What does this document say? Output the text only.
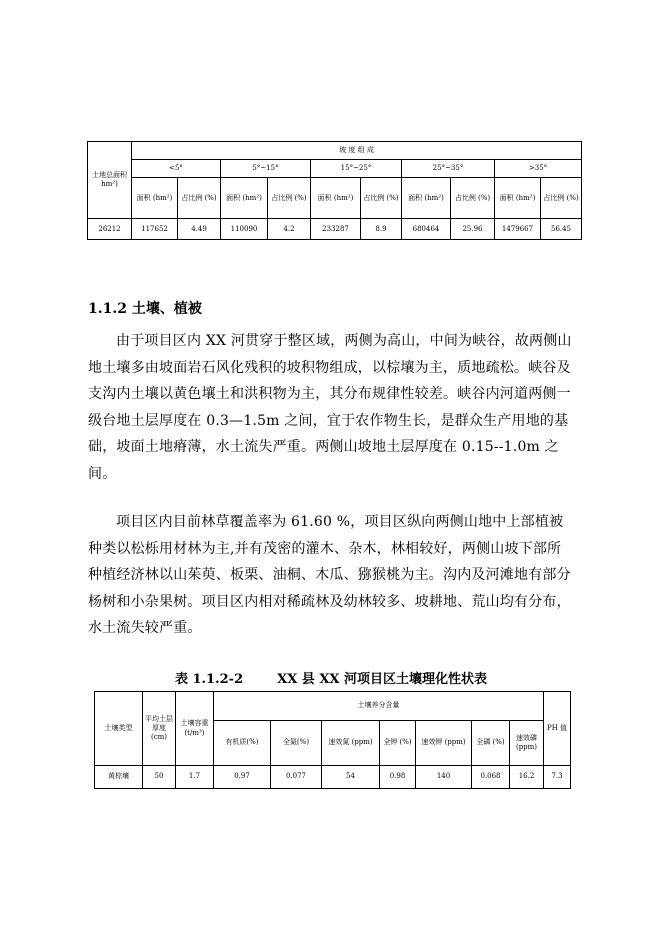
土地总面积 hm²)	坡 度 组 成									
	<5°		5°~15°		15°~25°		25°~35°		>35°	
	面积 (hm²)	占比例 (%)	面积 (hm²)	占比例 (%)	面积 (hm²)	占比例 (%)	面积 (hm²)	占比例 (%)	面积 (hm²)	占比例 (%)
26212	117652	4.49	110090	4.2	233287	8.9	680464	25.96	1479667	56.45
1.1.2 土壤、植被

由于项目区内 XX 河贯穿于整区域，两侧为高山，中间为峡谷，故两侧山地土壤多由坡面岩石风化残积的坡积物组成，以棕壤为主，质地疏松。峡谷及支沟内土壤以黄色壤土和洪积物为主，其分布规律性较差。峡谷内河道两侧一级台地土层厚度在 0.3—1.5m 之间，宜于农作物生长，是群众生产用地的基础，坡面土地瘠薄，水土流失严重。两侧山坡地土层厚度在 0.15--1.0m 之间。

项目区内目前林草覆盖率为 61.60 %，项目区纵向两侧山地中上部植被种类以松栎用材林为主,并有茂密的灌木、杂木，林相较好，两侧山坡下部所种植经济林以山茱萸、板栗、油桐、木瓜、猕猴桃为主。沟内及河滩地有部分杨树和小杂果树。项目区内相对稀疏林及幼林较多、坡耕地、荒山均有分布，水土流失较严重。

表 1.1.2-2	XX 县 XX 河项目区土壤理化性状表
土壤类型	平均土层厚度 (cm)	土壤容重 (t/m³)	土壤养分含量							PH 值
			有机质(%)	全氮(%)	速效氮 (ppm)	全钾 (%)	速效钾 (ppm)	全磷 (%)	速效磷 (ppm)	
黄棕壤	50	1.7	0.97	0.077	54	0.98	140	0.068	16.2	7.3
